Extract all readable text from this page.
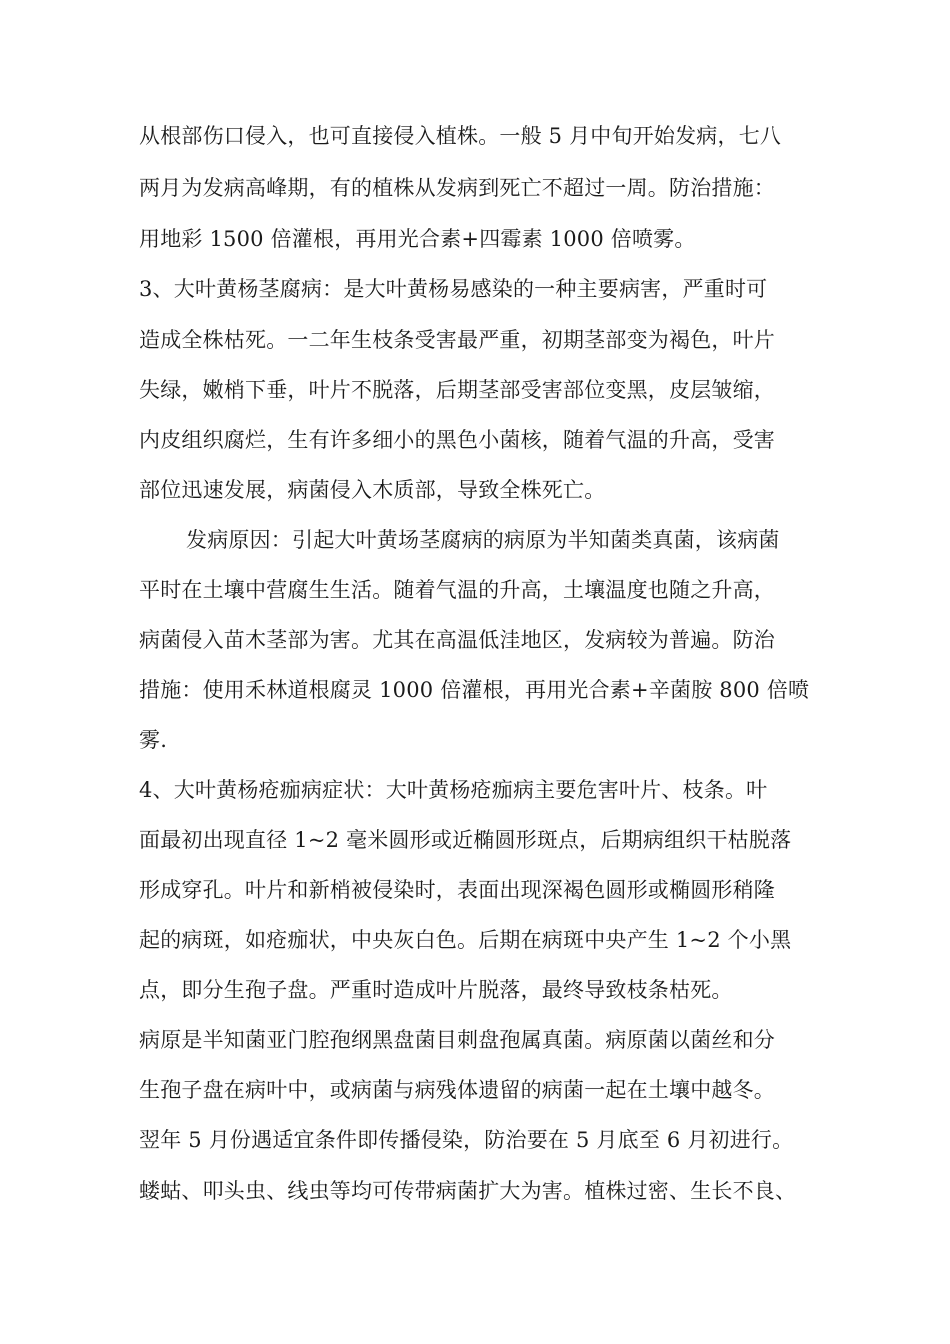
从根部伤口侵入，也可直接侵入植株。一般 5 月中旬开始发病，七八
两月为发病高峰期，有的植株从发病到死亡不超过一周。防治措施：
用地彩 1500 倍灌根，再用光合素+四霉素 1000 倍喷雾。
3、大叶黄杨茎腐病：是大叶黄杨易感染的一种主要病害，严重时可
造成全株枯死。一二年生枝条受害最严重，初期茎部变为褐色，叶片
失绿，嫩梢下垂，叶片不脱落，后期茎部受害部位变黑，皮层皱缩，
内皮组织腐烂，生有许多细小的黑色小菌核，随着气温的升高，受害
部位迅速发展，病菌侵入木质部，导致全株死亡。
发病原因：引起大叶黄场茎腐病的病原为半知菌类真菌，该病菌
平时在土壤中营腐生生活。随着气温的升高，土壤温度也随之升高，
病菌侵入苗木茎部为害。尤其在高温低洼地区，发病较为普遍。防治
措施：使用禾林道根腐灵 1000 倍灌根，再用光合素+辛菌胺 800 倍喷
雾.
4、大叶黄杨疮痂病症状：大叶黄杨疮痂病主要危害叶片、枝条。叶
面最初出现直径 1~2 毫米圆形或近椭圆形斑点，后期病组织干枯脱落
形成穿孔。叶片和新梢被侵染时，表面出现深褐色圆形或椭圆形稍隆
起的病斑，如疮痂状，中央灰白色。后期在病斑中央产生 1~2 个小黑
点，即分生孢子盘。严重时造成叶片脱落，最终导致枝条枯死。
病原是半知菌亚门腔孢纲黑盘菌目刺盘孢属真菌。病原菌以菌丝和分
生孢子盘在病叶中，或病菌与病残体遗留的病菌一起在土壤中越冬。
翌年 5 月份遇适宜条件即传播侵染，防治要在 5 月底至 6 月初进行。
蝼蛄、叩头虫、线虫等均可传带病菌扩大为害。植株过密、生长不良、
